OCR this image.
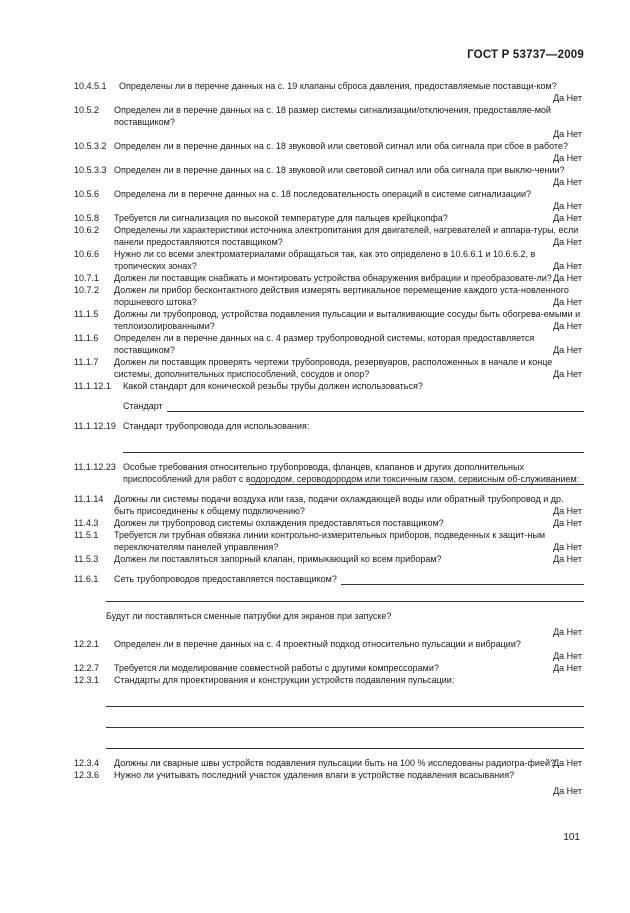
ГОСТ Р 53737—2009
10.4.5.1	Определены ли в перечне данных на с. 19 клапаны сброса давления, предоставляемые поставщи-ком?
Да Нет
10.5.2	Определен ли в перечне данных на с. 18 размер системы сигнализации/отключения, предоставляе-мой поставщиком?
Да Нет
10.5.3.2 Определен ли в перечне данных на с. 18 звуковой или световой сигнал или оба сигнала при сбое в работе?
Да Нет
10.5.3.3 Определен ли в перечне данных на с. 18 звуковой или световой сигнал или оба сигнала при выклю-чении?
Да Нет
10.5.6	Определена ли в перечне данных на с. 18 последовательность операций в системе сигнализации?
Да Нет
10.5.8	Требуется ли сигнализация по высокой температуре для пальцев крейцкопфа?	Да Нет
10.6.2	Определены ли характеристики источника электропитания для двигателей, нагревателей и аппара-туры, если панели предоставляются поставщиком?	Да Нет
10.6.6	Нужно ли со всеми электроматериалами обращаться так, как это определено в 10.6.6.1 и 10.6.6.2, в тропических зонах?	Да Нет
10.7.1	Должен ли поставщик снабжать и монтировать устройства обнаружения вибрации и преобразовате-ли? Да Нет
10.7.2	Должен ли прибор бесконтактного действия измерять вертикальное перемещение каждого уста-новленного поршневого штока?	Да Нет
11.1.5	Должны ли трубопровод, устройства подавления пульсации и выталкивающие сосуды быть обогрева-емыми и теплоизолированными?	Да Нет
11.1.6	Определен ли в перечне данных на с. 4 размер трубопроводной системы, которая предоставляется поставщиком?	Да Нет
11.1.7	Должен ли поставщик проверять чертежи трубопровода, резервуаров, расположенных в начале и конце системы, дополнительных приспособлений, сосудов и опор?	Да Нет
11.1.12.1	Какой стандарт для конической резьбы трубы должен использоваться?
Стандарт
11.1.12.19 Стандарт трубопровода для использования:
11.1.12.23 Особые требования относительно трубопровода, фланцев, клапанов и других дополнительных приспособлений для работ с водородом, сероводородом или токсичным газом, сервисным об-служиванием:
11.1.14	Должны ли системы подачи воздуха или газа, подачи охлаждающей воды или обратный трубопровод и др. быть присоединены к общему подключению?	Да Нет
11.4.3	Должен ли трубопровод системы охлаждения предоставляться поставщиком?	Да Нет
11.5.1	Требуется ли трубная обвязка линии контрольно-измерительных приборов, подведенных к защит-ным переключателям панелей управления?	Да Нет
11.5.3	Должен ли поставляться запорный клапан, примыкающий ко всем приборам?	Да Нет
11.6.1	Сеть трубопроводов предоставляется поставщиком?
Будут ли поставляться сменные патрубки для экранов при запуске?
Да Нет
12.2.1	Определен ли в перечне данных на с. 4 проектный подход относительно пульсации и вибрации?
Да Нет
12.2.7	Требуется ли моделирование совместной работы с другими компрессорами?	Да Нет
12.3.1	Стандарты для проектирования и конструкции устройств подавления пульсации:
12.3.4	Должны ли сварные швы устройств подавления пульсации быть на 100 % исследованы радиогра-фией?
Да Нет
12.3.6	Нужно ли учитывать последний участок удаления влаги в устройстве подавления всасывания?
Да Нет
101
